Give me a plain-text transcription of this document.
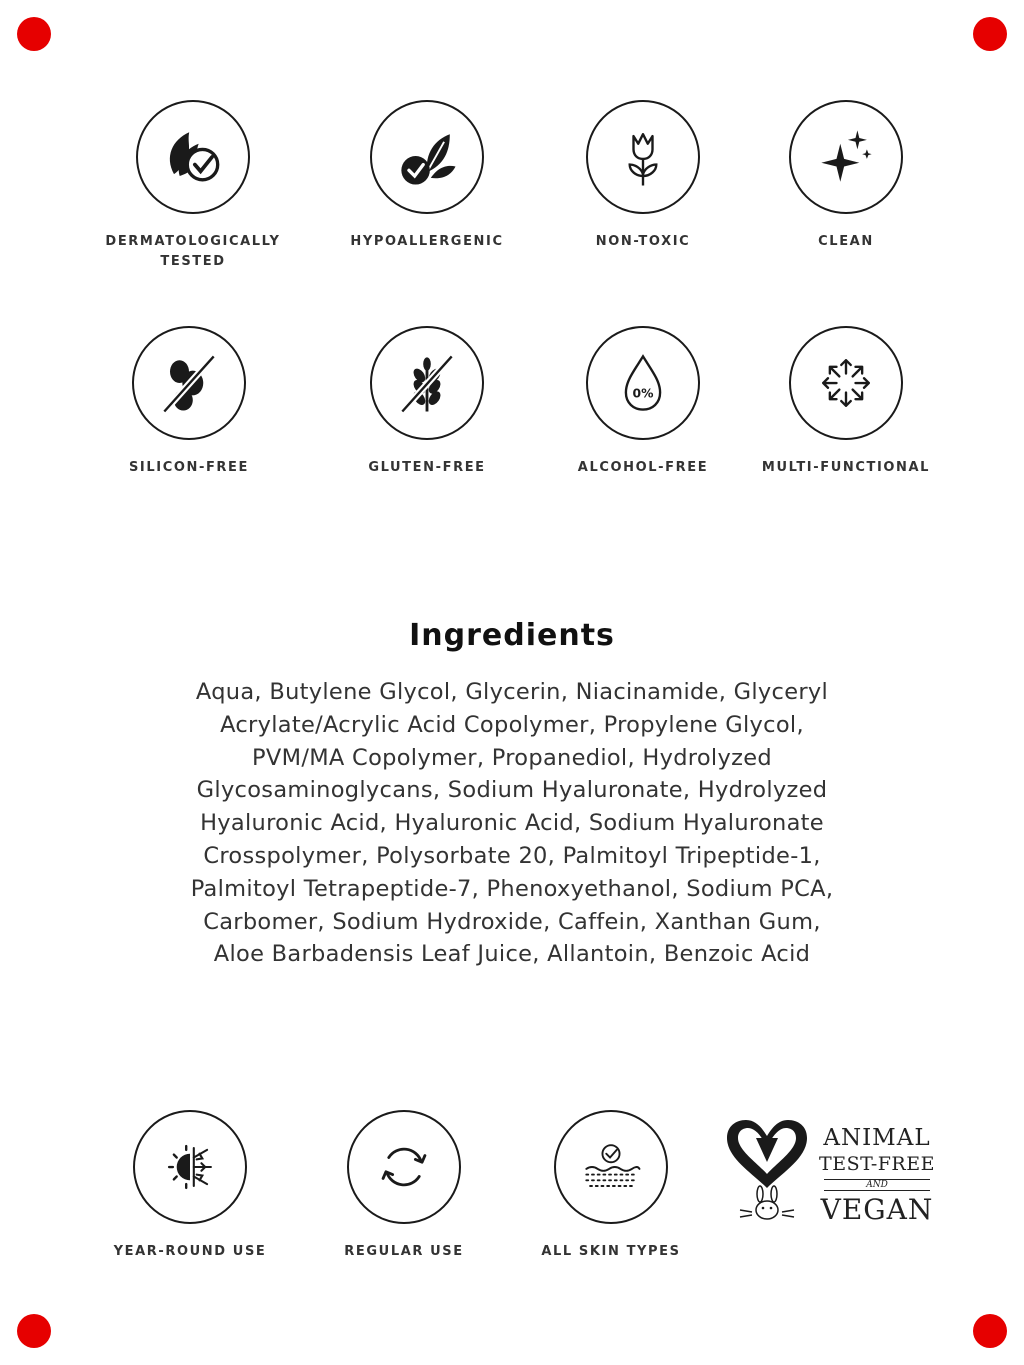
DERMATOLOGICALLY TESTED
HYPOALLERGENIC	NON-TOXIC	CLEAN
SILICON-FREE	GLUTEN-FREE
0%
ALCOHOL-FREE	MULTI-FUNCTIONAL
Ingredients
Aqua, Butylene Glycol, Glycerin, Niacinamide, Glyceryl
Acrylate/Acrylic Acid Copolymer, Propylene Glycol,
PVM/MA Copolymer, Propanediol, Hydrolyzed
Glycosaminoglycans, Sodium Hyaluronate, Hydrolyzed
Hyaluronic Acid, Hyaluronic Acid, Sodium Hyaluronate
Crosspolymer, Polysorbate 20, Palmitoyl Tripeptide-1,
Palmitoyl Tetrapeptide-7, Phenoxyethanol, Sodium PCA,
Carbomer, Sodium Hydroxide, Caffein, Xanthan Gum,
Aloe Barbadensis Leaf Juice, Allantoin, Benzoic Acid
YEAR-ROUND USE	REGULAR USE	ALL SKIN TYPES
ANIMAL
TEST-FREE
AND
VEGAN
